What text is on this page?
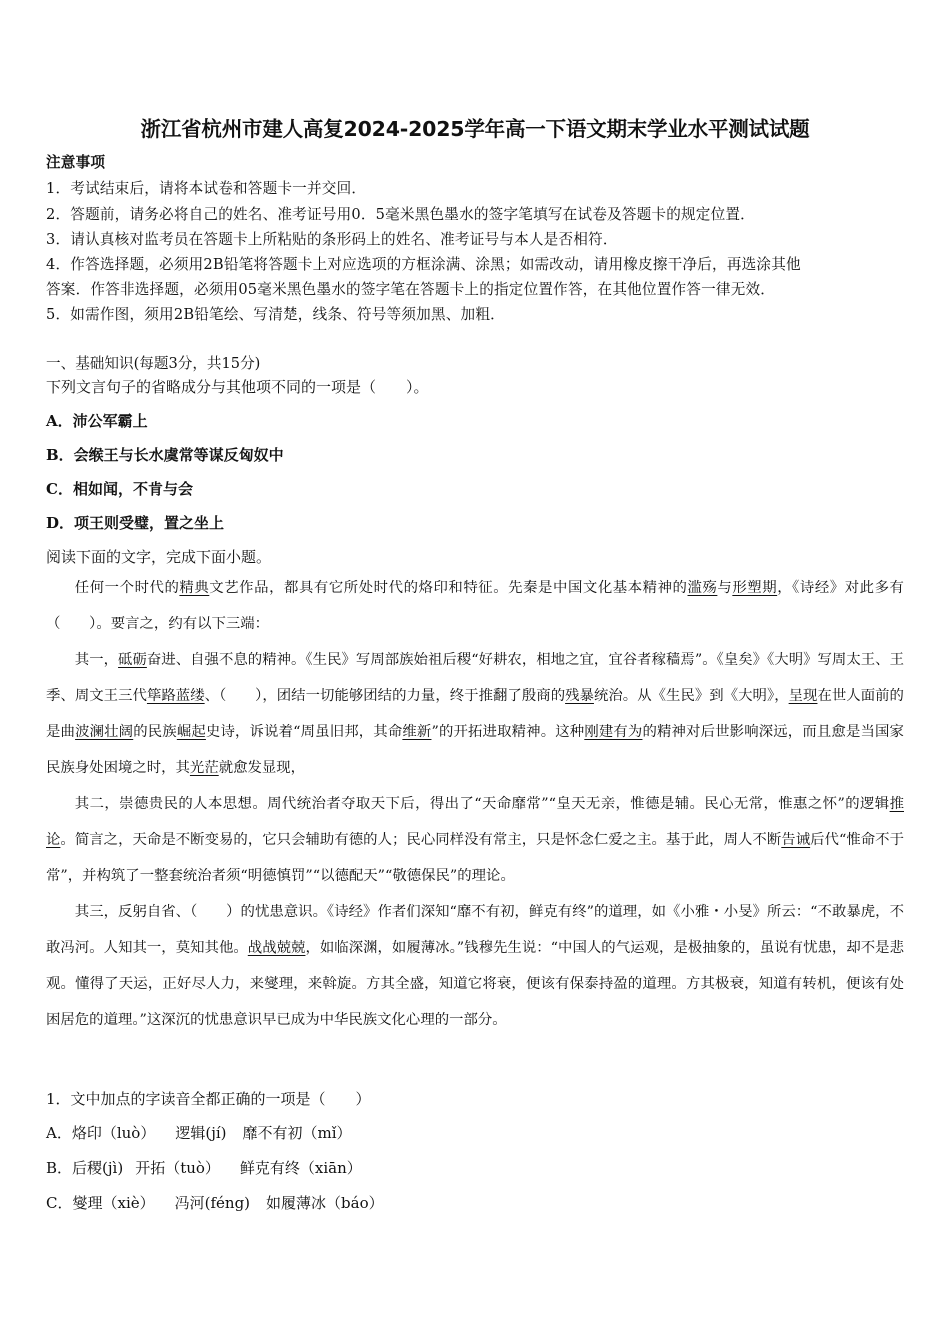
浙江省杭州市建人高复2024-2025学年高一下语文期末学业水平测试试题
注意事项
1．考试结束后，请将本试卷和答题卡一并交回．
2．答题前，请务必将自己的姓名、准考证号用0．5毫米黑色墨水的签字笔填写在试卷及答题卡的规定位置．
3．请认真核对监考员在答题卡上所粘贴的条形码上的姓名、准考证号与本人是否相符．
4．作答选择题，必须用2B铅笔将答题卡上对应选项的方框涂满、涂黑；如需改动，请用橡皮擦干净后，再选涂其他
答案．作答非选择题，必须用05毫米黑色墨水的签字笔在答题卡上的指定位置作答，在其他位置作答一律无效．
5．如需作图，须用2B铅笔绘、写清楚，线条、符号等须加黑、加粗．
一、基础知识(每题3分，共15分)
下列文言句子的省略成分与其他项不同的一项是（　　）。
A．沛公军霸上
B．会缑王与长水虞常等谋反匈奴中
C．相如闻，不肯与会
D．项王则受璧，置之坐上
阅读下面的文字，完成下面小题。

任何一个时代的精典文艺作品，都具有它所处时代的烙印和特征。先秦是中国文化基本精神的滥殇与形塑期，《诗经》对此多有（　　）。要言之，约有以下三端：

其一，砥砺奋进、自强不息的精神。《生民》写周部族始祖后稷“好耕农，相地之宜，宜谷者稼穑焉”。《皇矣》《大明》写周太王、王季、周文王三代筚路蓝缕、（　　），团结一切能够团结的力量，终于推翻了殷商的残暴统治。从《生民》到《大明》，呈现在世人面前的是曲波澜壮阔的民族崛起史诗，诉说着“周虽旧邦，其命维新”的开拓进取精神。这种刚建有为的精神对后世影响深远，而且愈是当国家民族身处困境之时，其光茫就愈发显现，

其二，崇德贵民的人本思想。周代统治者夺取天下后，得出了“天命靡常”“皇天无亲，惟德是辅。民心无常，惟惠之怀”的逻辑推论。简言之，天命是不断变易的，它只会辅助有德的人；民心同样没有常主，只是怀念仁爱之主。基于此，周人不断告诫后代“惟命不于常”，并构筑了一整套统治者须“明德慎罚”“以德配天”“敬德保民”的理论。

其三，反躬自省、（　　）的忧患意识。《诗经》作者们深知“靡不有初，鲜克有终”的道理，如《小雅・小旻》所云：“不敢暴虎，不敢冯河。人知其一，莫知其他。战战兢兢，如临深渊，如履薄冰。”钱穆先生说：“中国人的气运观，是极抽象的，虽说有忧患，却不是悲观。懂得了天运，正好尽人力，来燮理，来斡旋。方其全盛，知道它将衰，便该有保泰持盈的道理。方其极衰，知道有转机，便该有处困居危的道理。”这深沉的忧患意识早已成为中华民族文化心理的一部分。

1．文中加点的字读音全都正确的一项是（　　）
A．烙印（luò） 逻辑(jí) 靡不有初（mǐ）
B．后稷(jì) 开拓（tuò） 鲜克有终（xiān）
C．燮理（xiè） 冯河(féng) 如履薄冰（báo）
